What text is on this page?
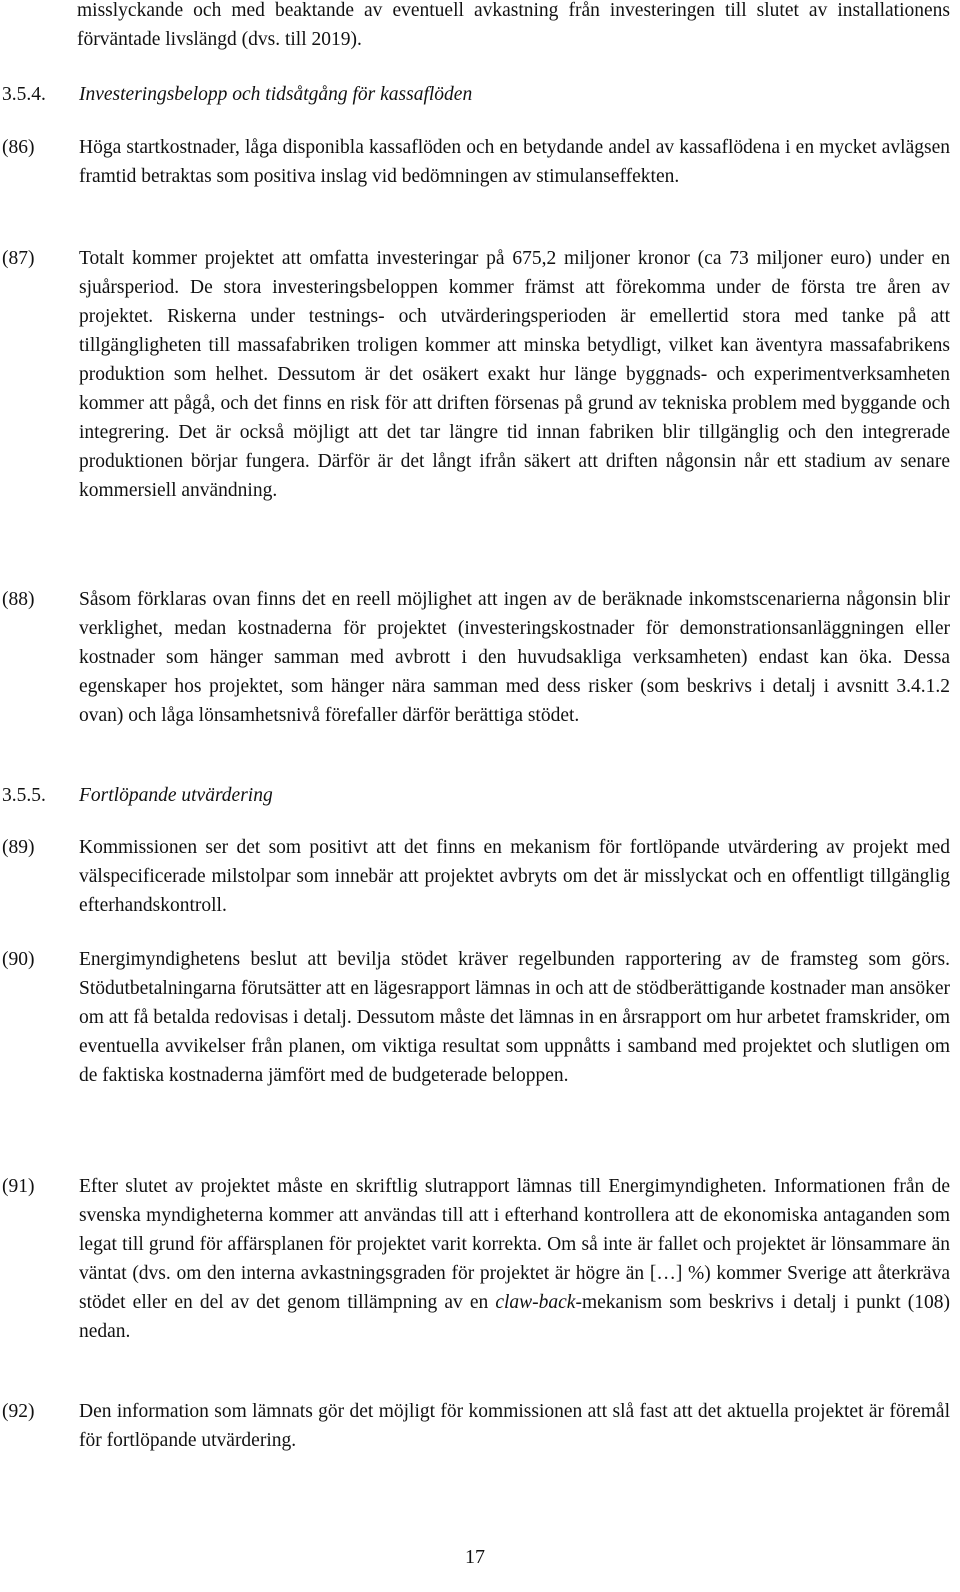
misslyckande och med beaktande av eventuell avkastning från investeringen till slutet av installationens förväntade livslängd (dvs. till 2019).

3.5.4.	Investeringsbelopp och tidsåtgång för kassaflöden
(86)	Höga startkostnader, låga disponibla kassaflöden och en betydande andel av kassaflödena i en mycket avlägsen framtid betraktas som positiva inslag vid bedömningen av stimulanseffekten.

(87)	Totalt kommer projektet att omfatta investeringar på 675,2 miljoner kronor (ca 73 miljoner euro) under en sjuårsperiod. De stora investeringsbeloppen kommer främst att förekomma under de första tre åren av projektet. Riskerna under testnings- och utvärderingsperioden är emellertid stora med tanke på att tillgängligheten till massafabriken troligen kommer att minska betydligt, vilket kan äventyra massafabrikens produktion som helhet. Dessutom är det osäkert exakt hur länge byggnads- och experimentverksamheten kommer att pågå, och det finns en risk för att driften försenas på grund av tekniska problem med byggande och integrering. Det är också möjligt att det tar längre tid innan fabriken blir tillgänglig och den integrerade produktionen börjar fungera. Därför är det långt ifrån säkert att driften någonsin når ett stadium av senare kommersiell användning.

(88)	Såsom förklaras ovan finns det en reell möjlighet att ingen av de beräknade inkomstscenarierna någonsin blir verklighet, medan kostnaderna för projektet (investeringskostnader för demonstrationsanläggningen eller kostnader som hänger samman med avbrott i den huvudsakliga verksamheten) endast kan öka. Dessa egenskaper hos projektet, som hänger nära samman med dess risker (som beskrivs i detalj i avsnitt 3.4.1.2 ovan) och låga lönsamhetsnivå förefaller därför berättiga stödet.

3.5.5.	Fortlöpande utvärdering
(89)	Kommissionen ser det som positivt att det finns en mekanism för fortlöpande utvärdering av projekt med välspecificerade milstolpar som innebär att projektet avbryts om det är misslyckat och en offentligt tillgänglig efterhandskontroll.

(90)	Energimyndighetens beslut att bevilja stödet kräver regelbunden rapportering av de framsteg som görs. Stödutbetalningarna förutsätter att en lägesrapport lämnas in och att de stödberättigande kostnader man ansöker om att få betalda redovisas i detalj. Dessutom måste det lämnas in en årsrapport om hur arbetet framskrider, om eventuella avvikelser från planen, om viktiga resultat som uppnåtts i samband med projektet och slutligen om de faktiska kostnaderna jämfört med de budgeterade beloppen.

(91)	Efter slutet av projektet måste en skriftlig slutrapport lämnas till Energimyndigheten. Informationen från de svenska myndigheterna kommer att användas till att i efterhand kontrollera att de ekonomiska antaganden som legat till grund för affärsplanen för projektet varit korrekta. Om så inte är fallet och projektet är lönsammare än väntat (dvs. om den interna avkastningsgraden för projektet är högre än […] %) kommer Sverige att återkräva stödet eller en del av det genom tillämpning av en claw-back-mekanism som beskrivs i detalj i punkt (108) nedan.

(92)	Den information som lämnats gör det möjligt för kommissionen att slå fast att det aktuella projektet är föremål för fortlöpande utvärdering.

17
